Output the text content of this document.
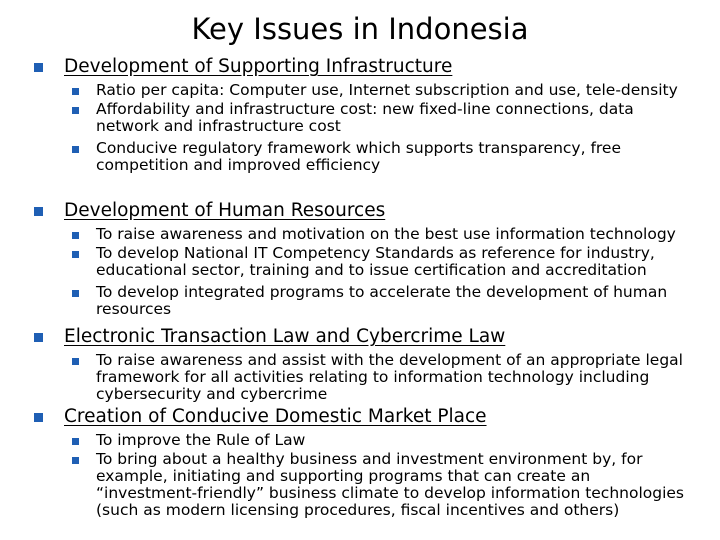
Key Issues in Indonesia
Development of Supporting Infrastructure

Ratio per capita: Computer use, Internet subscription and use, tele-density

Affordability and infrastructure cost: new fixed-line connections, data network and infrastructure cost

Conducive regulatory framework which supports transparency, free competition and improved efficiency

Development of Human Resources

To raise awareness and motivation on the best use information technology

To develop National IT Competency Standards as reference for industry, educational sector, training and to issue certification and accreditation

To develop integrated programs to accelerate the development of human resources

Electronic Transaction Law and Cybercrime Law

To raise awareness and assist with the development of an appropriate legal framework for all activities relating to information technology including cybersecurity and cybercrime

Creation of Conducive Domestic Market Place

To improve the Rule of Law

To bring about a healthy business and investment environment by, for example, initiating and supporting programs that can create an “investment-friendly” business climate to develop information technologies (such as modern licensing procedures, fiscal incentives and others)
